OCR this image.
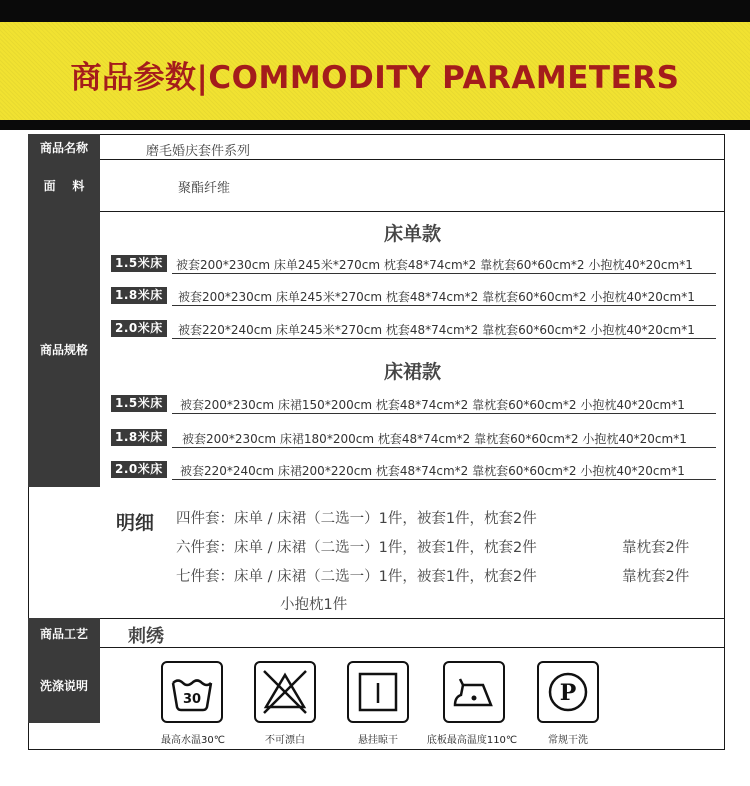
商品参数|COMMODITY PARAMETERS
商品名称	磨毛婚庆套件系列
面    料	聚酯纤维
商品规格
床单款
1.5米床	被套200*230cm 床单245米*270cm 枕套48*74cm*2 靠枕套60*60cm*2 小抱枕40*20cm*1
1.8米床	被套200*230cm 床单245米*270cm 枕套48*74cm*2 靠枕套60*60cm*2 小抱枕40*20cm*1
2.0米床	被套220*240cm 床单245米*270cm 枕套48*74cm*2 靠枕套60*60cm*2 小抱枕40*20cm*1
床裙款
1.5米床	被套200*230cm 床裙150*200cm 枕套48*74cm*2 靠枕套60*60cm*2 小抱枕40*20cm*1
1.8米床	被套200*230cm 床裙180*200cm 枕套48*74cm*2 靠枕套60*60cm*2 小抱枕40*20cm*1
2.0米床	被套220*240cm 床裙200*220cm 枕套48*74cm*2 靠枕套60*60cm*2 小抱枕40*20cm*1
明细 四件套：床单 / 床裙（二选一）1件，被套1件，枕套2件
六件套：床单 / 床裙（二选一）1件，被套1件，枕套2件	靠枕套2件
七件套：床单 / 床裙（二选一）1件，被套1件，枕套2件	靠枕套2件
小抱枕1件
商品工艺	刺绣
洗涤说明
30
最高水温30℃	不可漂白	悬挂晾干	底板最高温度110℃
P
常规干洗
